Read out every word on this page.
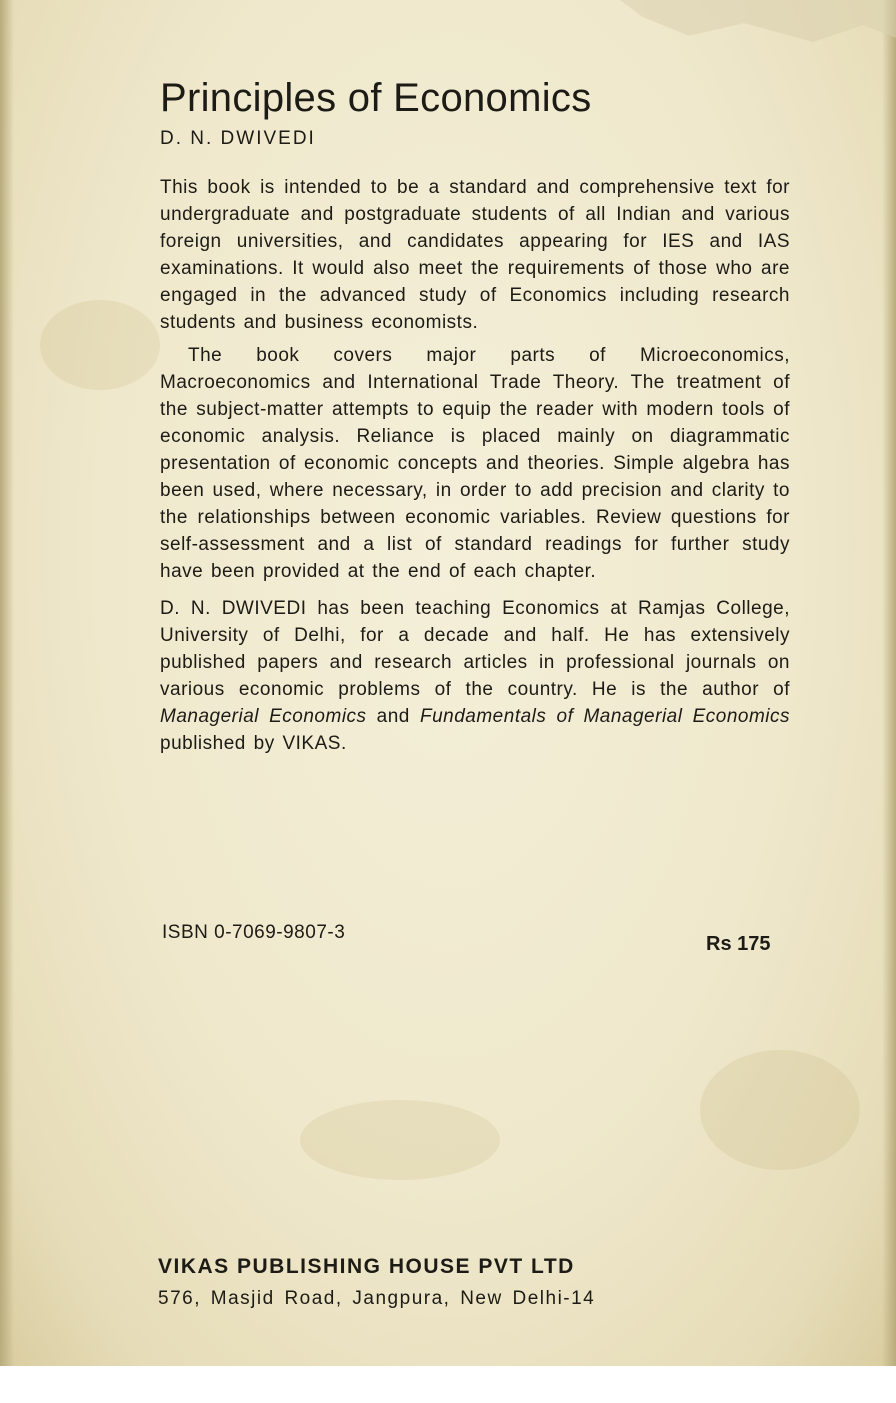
Principles of Economics

D. N. DWIVEDI

This book is intended to be a standard and comprehensive text for undergraduate and postgraduate students of all Indian and various foreign universities, and candidates appearing for IES and IAS examinations. It would also meet the requirements of those who are engaged in the advanced study of Economics including research students and business economists.

The book covers major parts of Microeconomics, Macroeconomics and International Trade Theory. The treatment of the subject-matter attempts to equip the reader with modern tools of economic analysis. Reliance is placed mainly on diagrammatic presentation of economic concepts and theories. Simple algebra has been used, where necessary, in order to add precision and clarity to the relationships between economic variables. Review questions for self-assessment and a list of standard readings for further study have been provided at the end of each chapter.

D. N. DWIVEDI has been teaching Economics at Ramjas College, University of Delhi, for a decade and half. He has extensively published papers and research articles in professional journals on various economic problems of the country. He is the author of Managerial Economics and Fundamentals of Managerial Economics published by VIKAS.

ISBN 0-7069-9807-3
Rs 175
VIKAS PUBLISHING HOUSE PVT LTD
576, Masjid Road, Jangpura, New Delhi-14
